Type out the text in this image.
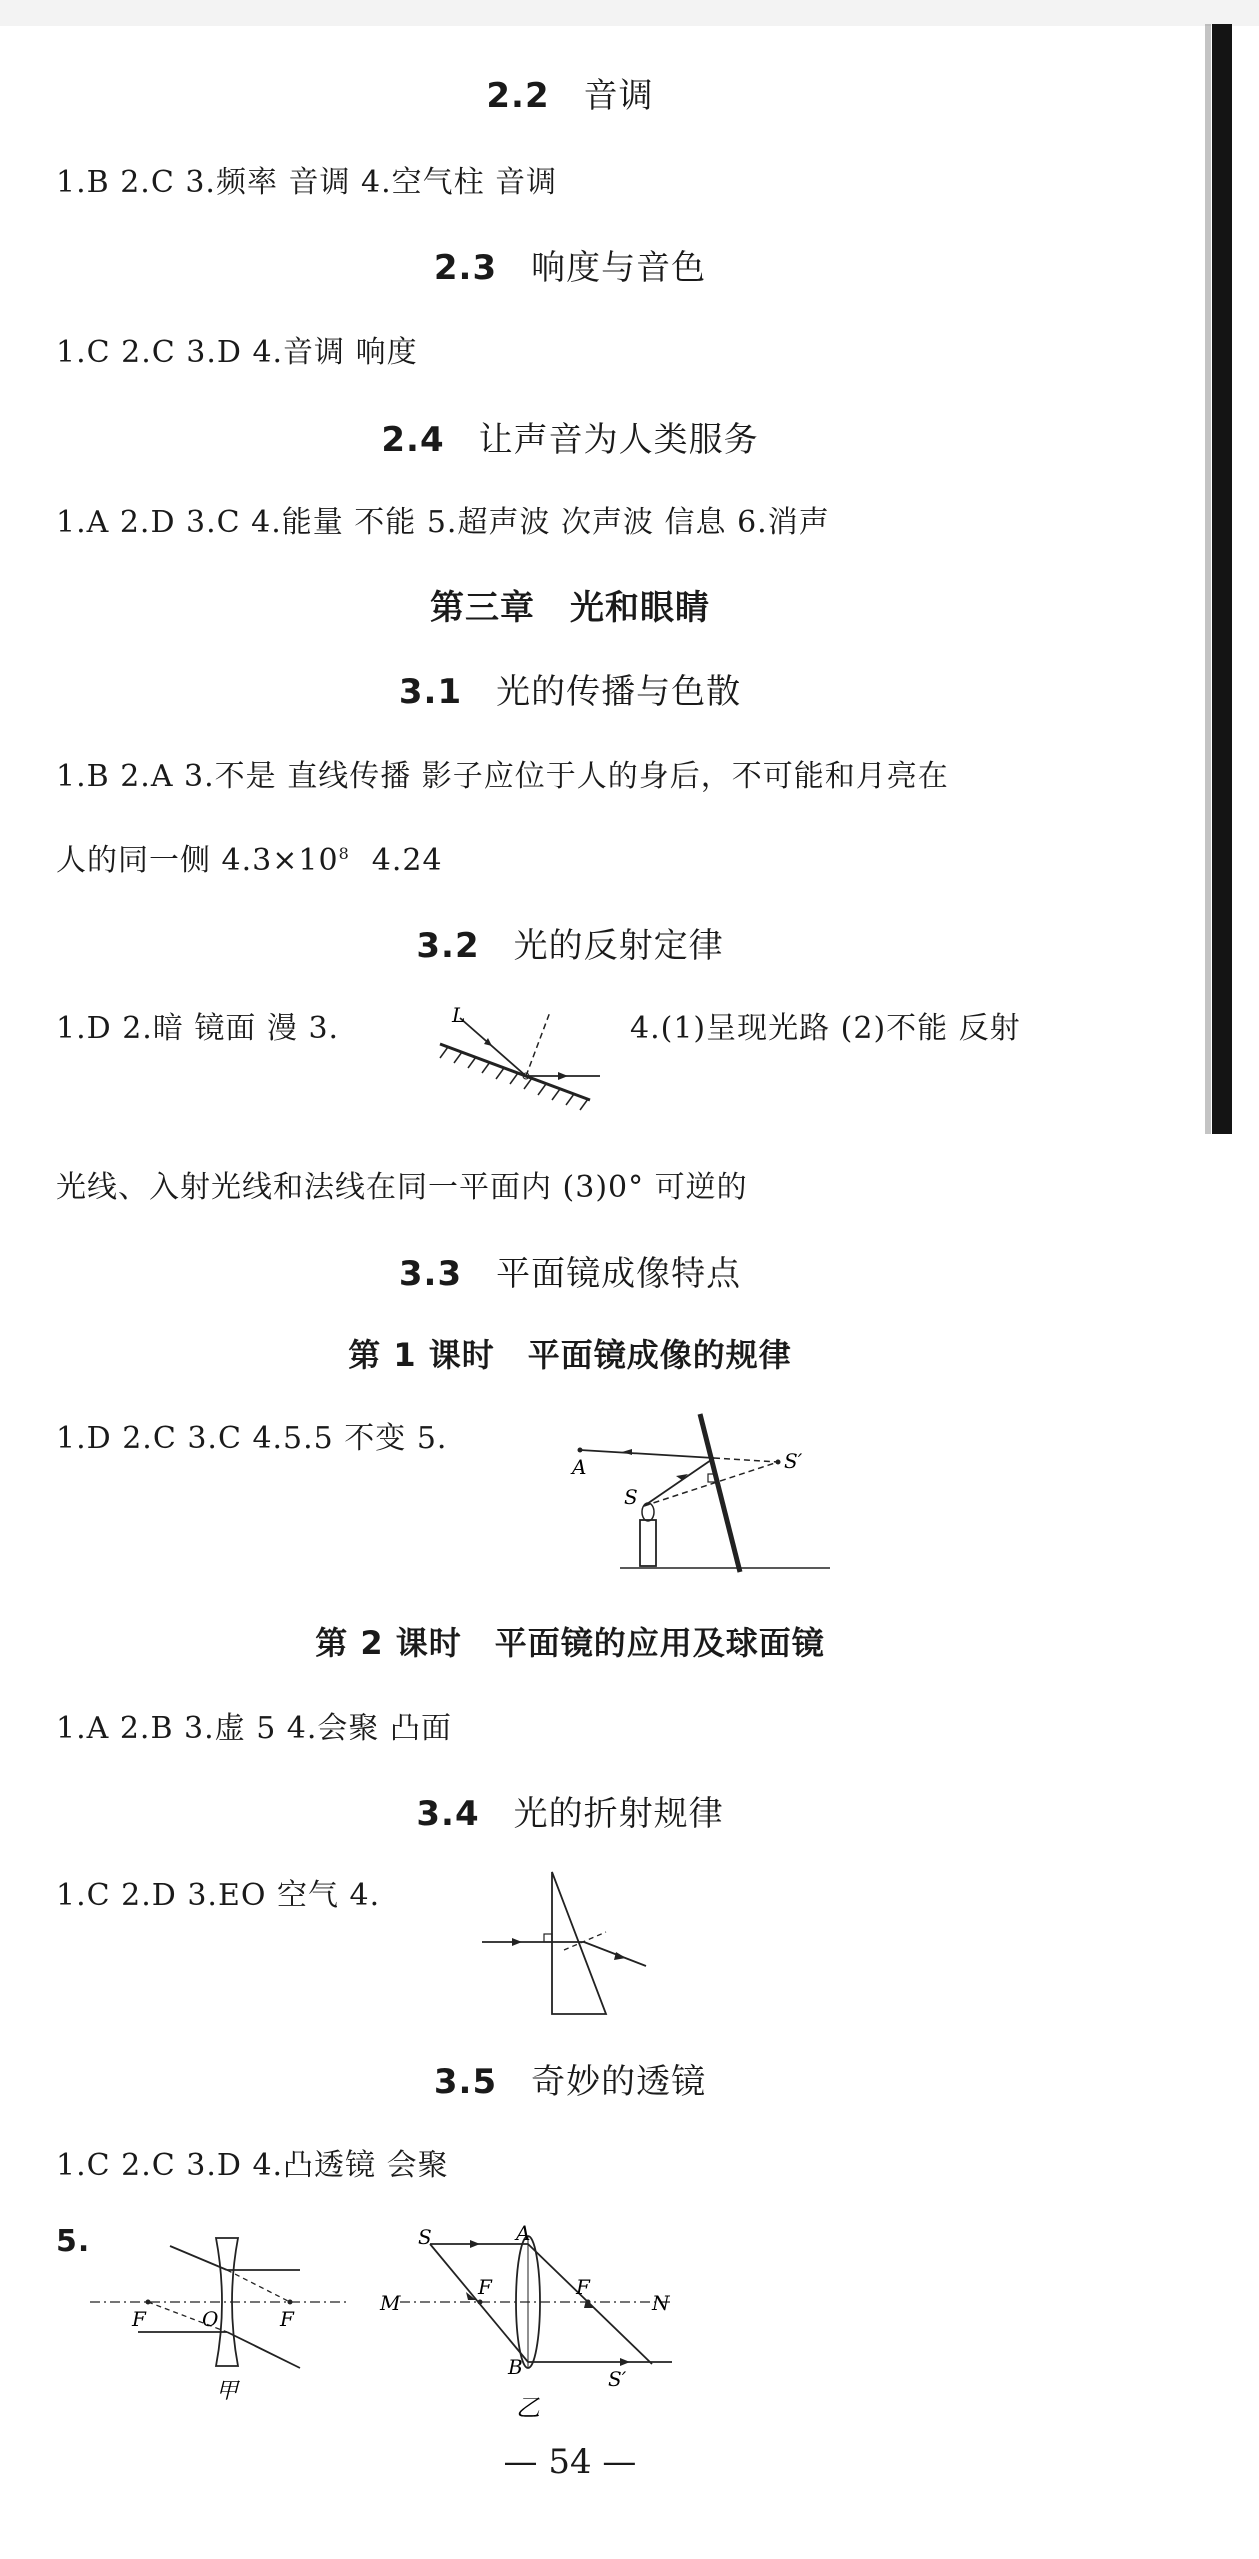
2.2 音调
1.B 2.C 3.频率 音调 4.空气柱 音调
2.3 响度与音色
1.C 2.C 3.D 4.音调 响度
2.4 让声音为人类服务
1.A 2.D 3.C 4.能量 不能 5.超声波 次声波 信息 6.消声
第三章　光和眼睛
3.1 光的传播与色散
1.B 2.A 3.不是 直线传播 影子应位于人的身后，不可能和月亮在
人的同一侧 $4.3\times 10^8$ 4.24
3.2 光的反射定律
1.D 2.暗 镜面 漫 3.	4.(1)呈现光路 (2)不能 反射
L
光线、入射光线和法线在同一平面内 (3)0° 可逆的
3.3 平面镜成像特点
第 1 课时　平面镜成像的规律
1.D 2.C 3.C 4.5.5 不变 5.
A
S
S′
第 2 课时　平面镜的应用及球面镜
1.A 2.B 3.虚 5 4.会聚 凸面
3.4 光的折射规律
1.C 2.D 3.EO 空气 4.
3.5 奇妙的透镜
1.C 2.C 3.D 4.凸透镜 会聚
5.
F	O	F
甲
S	A
M
F	F
N
B	S′
乙
— 54 —
